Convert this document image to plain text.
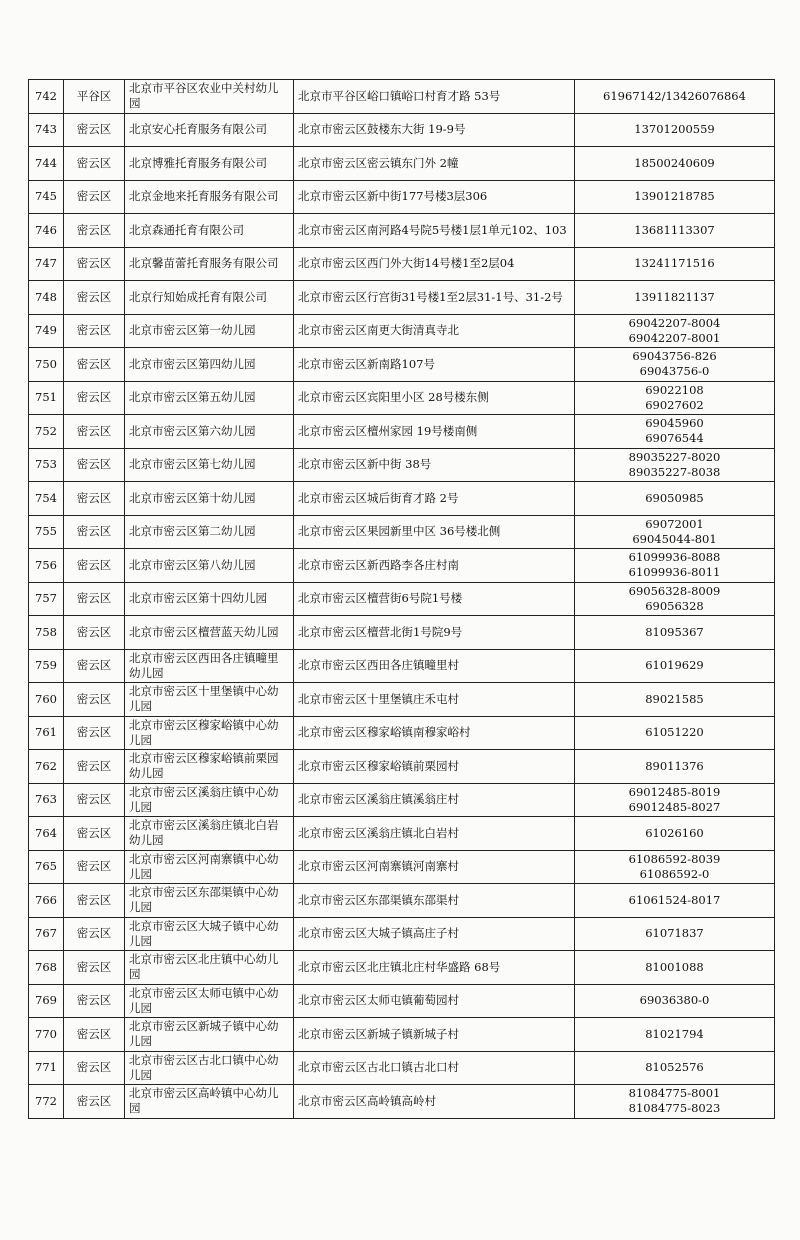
742	平谷区	北京市平谷区农业中关村幼儿园	北京市平谷区峪口镇峪口村育才路 53号	61967142/13426076864

743	密云区	北京安心托育服务有限公司	北京市密云区鼓楼东大街 19-9号	13701200559

744	密云区	北京博雅托育服务有限公司	北京市密云区密云镇东门外 2幢	18500240609

745	密云区	北京金地来托育服务有限公司	北京市密云区新中街177号楼3层306	13901218785

746	密云区	北京森通托育有限公司	北京市密云区南河路4号院5号楼1层1单元102、103	13681113307

747	密云区	北京馨苗蕾托育服务有限公司	北京市密云区西门外大街14号楼1至2层04	13241171516

748	密云区	北京行知始成托育有限公司	北京市密云区行宫街31号楼1至2层31-1号、31-2号	13911821137

749	密云区	北京市密云区第一幼儿园	北京市密云区南更大街清真寺北	69042207-8004
69042207-8001

750	密云区	北京市密云区第四幼儿园	北京市密云区新南路107号	69043756-826
69043756-0

751	密云区	北京市密云区第五幼儿园	北京市密云区宾阳里小区 28号楼东侧	69022108
69027602

752	密云区	北京市密云区第六幼儿园	北京市密云区檀州家园 19号楼南侧	69045960
69076544

753	密云区	北京市密云区第七幼儿园	北京市密云区新中街 38号	89035227-8020
89035227-8038

754	密云区	北京市密云区第十幼儿园	北京市密云区城后街育才路 2号	69050985

755	密云区	北京市密云区第二幼儿园	北京市密云区果园新里中区 36号楼北侧	69072001
69045044-801

756	密云区	北京市密云区第八幼儿园	北京市密云区新西路李各庄村南	61099936-8088
61099936-8011

757	密云区	北京市密云区第十四幼儿园	北京市密云区檀营街6号院1号楼	69056328-8009
69056328

758	密云区	北京市密云区檀营蓝天幼儿园	北京市密云区檀营北街1号院9号	81095367

759	密云区	北京市密云区西田各庄镇疃里幼儿园	北京市密云区西田各庄镇疃里村	61019629

760	密云区	北京市密云区十里堡镇中心幼儿园	北京市密云区十里堡镇庄禾屯村	89021585

761	密云区	北京市密云区穆家峪镇中心幼儿园	北京市密云区穆家峪镇南穆家峪村	61051220

762	密云区	北京市密云区穆家峪镇前栗园幼儿园	北京市密云区穆家峪镇前栗园村	89011376

763	密云区	北京市密云区溪翁庄镇中心幼儿园	北京市密云区溪翁庄镇溪翁庄村	69012485-8019
69012485-8027

764	密云区	北京市密云区溪翁庄镇北白岩幼儿园	北京市密云区溪翁庄镇北白岩村	61026160

765	密云区	北京市密云区河南寨镇中心幼儿园	北京市密云区河南寨镇河南寨村	61086592-8039
61086592-0

766	密云区	北京市密云区东邵渠镇中心幼儿园	北京市密云区东邵渠镇东邵渠村	61061524-8017

767	密云区	北京市密云区大城子镇中心幼儿园	北京市密云区大城子镇高庄子村	61071837

768	密云区	北京市密云区北庄镇中心幼儿园	北京市密云区北庄镇北庄村华盛路 68号	81001088

769	密云区	北京市密云区太师屯镇中心幼儿园	北京市密云区太师屯镇葡萄园村	69036380-0

770	密云区	北京市密云区新城子镇中心幼儿园	北京市密云区新城子镇新城子村	81021794

771	密云区	北京市密云区古北口镇中心幼儿园	北京市密云区古北口镇古北口村	81052576

772	密云区	北京市密云区高岭镇中心幼儿园	北京市密云区高岭镇高岭村	81084775-8001
81084775-8023
